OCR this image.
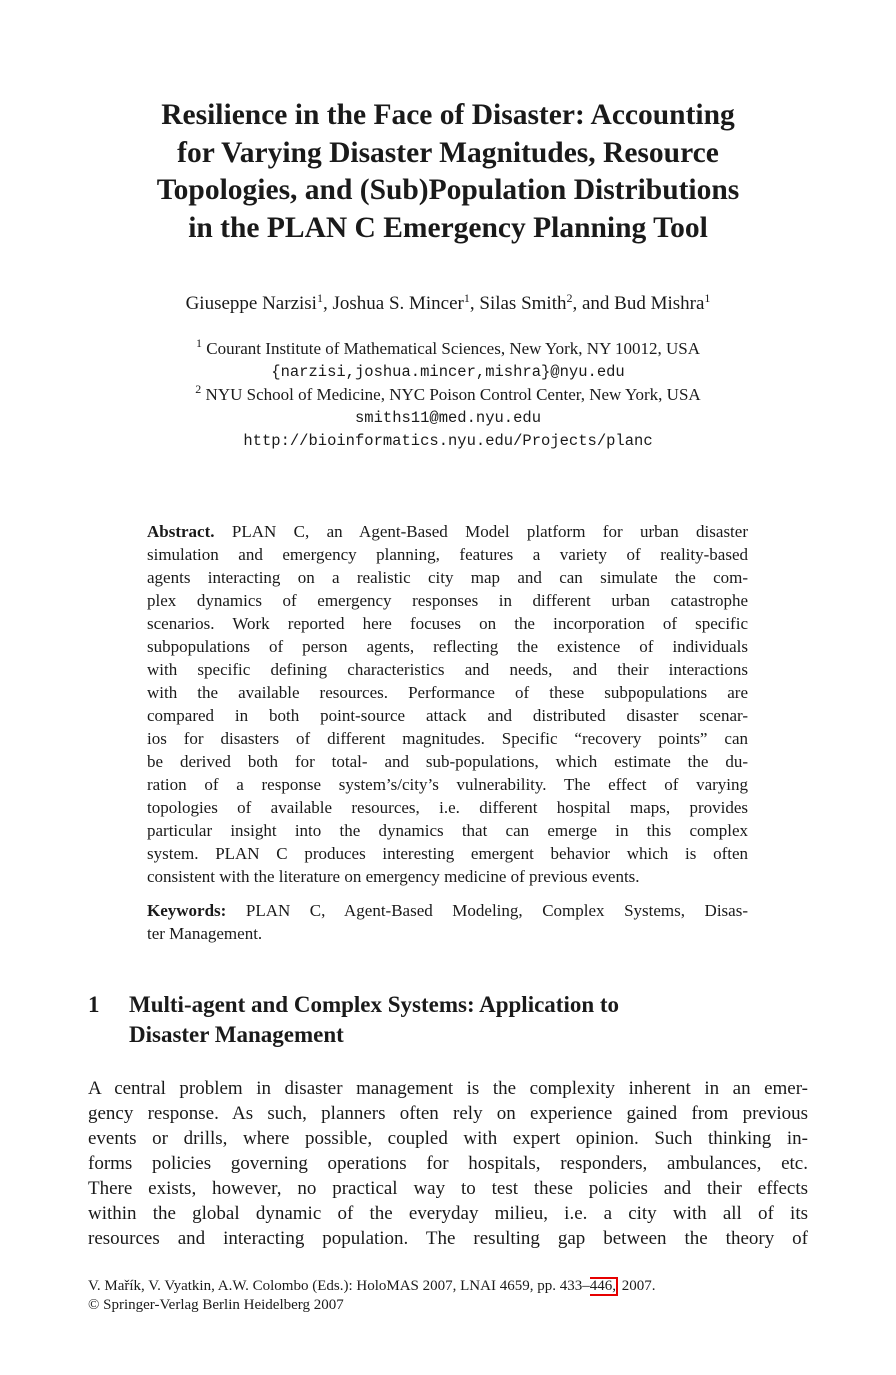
Resilience in the Face of Disaster: Accounting
for Varying Disaster Magnitudes, Resource
Topologies, and (Sub)Population Distributions
in the PLAN C Emergency Planning Tool
Giuseppe Narzisi$^1$, Joshua S. Mincer$^1$, Silas Smith$^2$, and Bud Mishra$^1$
$^1$ Courant Institute of Mathematical Sciences, New York, NY 10012, USA
{narzisi,joshua.mincer,mishra}@nyu.edu
$^2$ NYU School of Medicine, NYC Poison Control Center, New York, USA
smiths11@med.nyu.edu
http://bioinformatics.nyu.edu/Projects/planc
Abstract. PLAN C, an Agent-Based Model platform for urban disaster
simulation and emergency planning, features a variety of reality-based
agents interacting on a realistic city map and can simulate the com-
plex dynamics of emergency responses in different urban catastrophe
scenarios. Work reported here focuses on the incorporation of specific
subpopulations of person agents, reflecting the existence of individuals
with specific defining characteristics and needs, and their interactions
with the available resources. Performance of these subpopulations are
compared in both point-source attack and distributed disaster scenar-
ios for disasters of different magnitudes. Specific “recovery points” can
be derived both for total- and sub-populations, which estimate the du-
ration of a response system’s/city’s vulnerability. The effect of varying
topologies of available resources, i.e. different hospital maps, provides
particular insight into the dynamics that can emerge in this complex
system. PLAN C produces interesting emergent behavior which is often
consistent with the literature on emergency medicine of previous events.
Keywords: PLAN C, Agent-Based Modeling, Complex Systems, Disas-
ter Management.
1 Multi-agent and Complex Systems: Application to
Disaster Management
A central problem in disaster management is the complexity inherent in an emer-
gency response. As such, planners often rely on experience gained from previous
events or drills, where possible, coupled with expert opinion. Such thinking in-
forms policies governing operations for hospitals, responders, ambulances, etc.
There exists, however, no practical way to test these policies and their effects
within the global dynamic of the everyday milieu, i.e. a city with all of its
resources and interacting population. The resulting gap between the theory of
V. Mařík, V. Vyatkin, A.W. Colombo (Eds.): HoloMAS 2007, LNAI 4659, pp. 433–446, 2007.
© Springer-Verlag Berlin Heidelberg 2007
